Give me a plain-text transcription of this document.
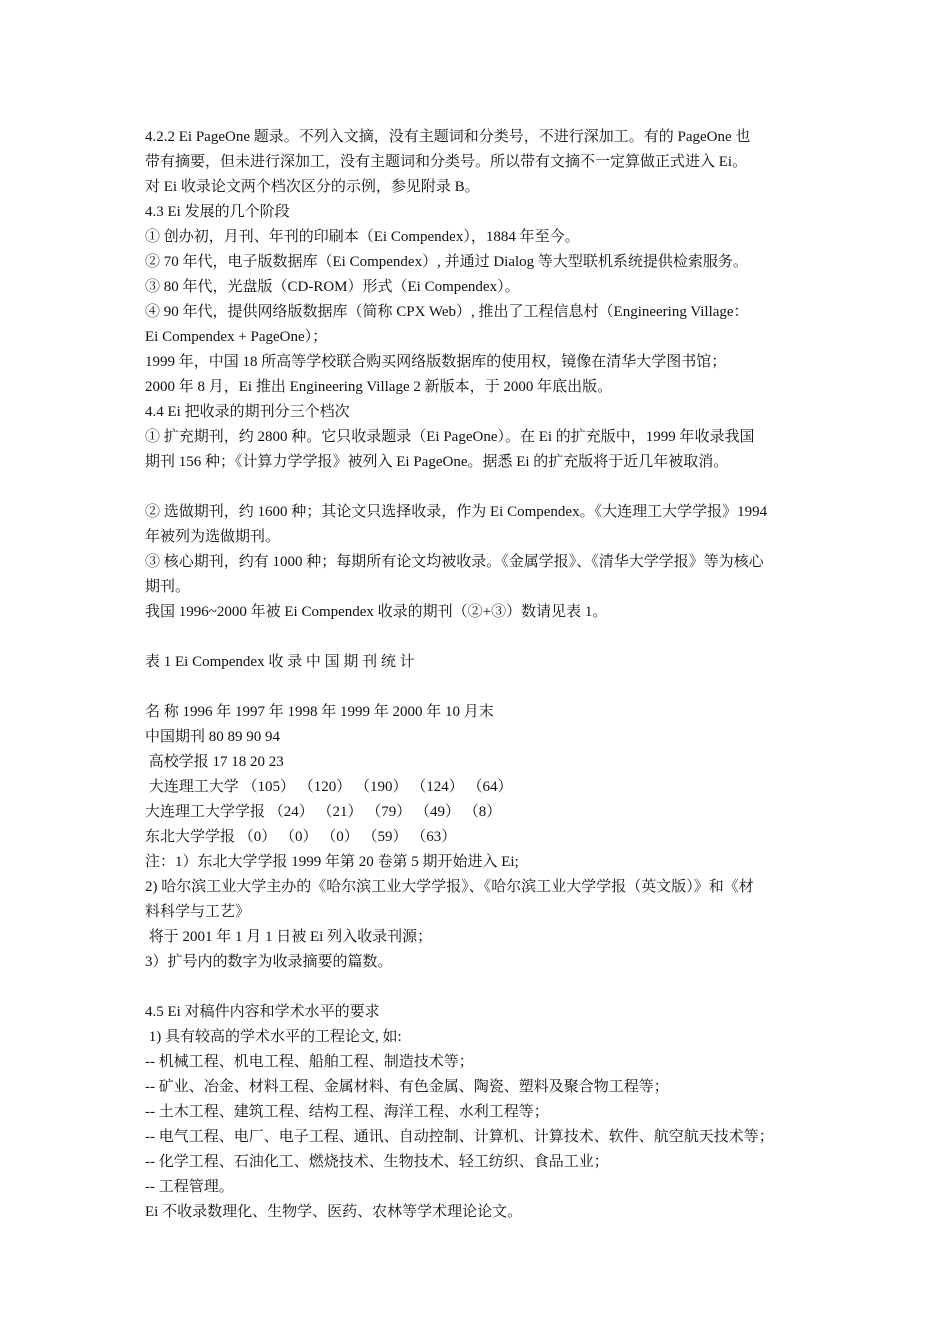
4.2.2 Ei PageOne 题录。不列入文摘，没有主题词和分类号，不进行深加工。有的 PageOne 也
带有摘要，但未进行深加工，没有主题词和分类号。所以带有文摘不一定算做正式进入 Ei。
对 Ei 收录论文两个档次区分的示例，参见附录 B。
4.3 Ei 发展的几个阶段
① 创办初，月刊、年刊的印刷本（Ei Compendex），1884 年至今。
② 70 年代，电子版数据库（Ei Compendex）, 并通过 Dialog 等大型联机系统提供检索服务。
③ 80 年代，光盘版（CD-ROM）形式（Ei Compendex）。
④ 90 年代，提供网络版数据库（简称 CPX Web）, 推出了工程信息村（Engineering Village：
Ei Compendex + PageOne）；
1999 年，中国 18 所高等学校联合购买网络版数据库的使用权，镜像在清华大学图书馆；
2000 年 8 月，Ei 推出 Engineering Village 2 新版本，于 2000 年底出版。
4.4 Ei 把收录的期刊分三个档次
① 扩充期刊，约 2800 种。它只收录题录（Ei PageOne）。在 Ei 的扩充版中，1999 年收录我国
期刊 156 种；《计算力学学报》被列入 Ei PageOne。据悉 Ei 的扩充版将于近几年被取消。
② 选做期刊，约 1600 种；其论文只选择收录，作为 Ei Compendex。《大连理工大学学报》1994
年被列为选做期刊。
③ 核心期刊，约有 1000 种；每期所有论文均被收录。《金属学报》、《清华大学学报》等为核心
期刊。
我国 1996~2000 年被 Ei Compendex 收录的期刊（②+③）数请见表 1。
表 1 Ei Compendex 收 录 中 国 期 刊 统 计
名 称 1996 年 1997 年 1998 年 1999 年 2000 年 10 月末
中国期刊 80 89 90 94
高校学报 17 18 20 23
大连理工大学 （105） （120） （190） （124） （64）
大连理工大学学报 （24） （21） （79） （49） （8）
东北大学学报 （0） （0） （0） （59） （63）
注：1）东北大学学报 1999 年第 20 卷第 5 期开始进入 Ei;
2) 哈尔滨工业大学主办的《哈尔滨工业大学学报》、《哈尔滨工业大学学报（英文版）》和《材
料科学与工艺》
将于 2001 年 1 月 1 日被 Ei 列入收录刊源；
3）扩号内的数字为收录摘要的篇数。
4.5 Ei 对稿件内容和学术水平的要求
1) 具有较高的学术水平的工程论文, 如:
-- 机械工程、机电工程、船舶工程、制造技术等；
-- 矿业、冶金、材料工程、金属材料、有色金属、陶瓷、塑料及聚合物工程等；
-- 土木工程、建筑工程、结构工程、海洋工程、水利工程等；
-- 电气工程、电厂、电子工程、通讯、自动控制、计算机、计算技术、软件、航空航天技术等；
-- 化学工程、石油化工、燃烧技术、生物技术、轻工纺织、食品工业；
-- 工程管理。
Ei 不收录数理化、生物学、医药、农林等学术理论论文。
